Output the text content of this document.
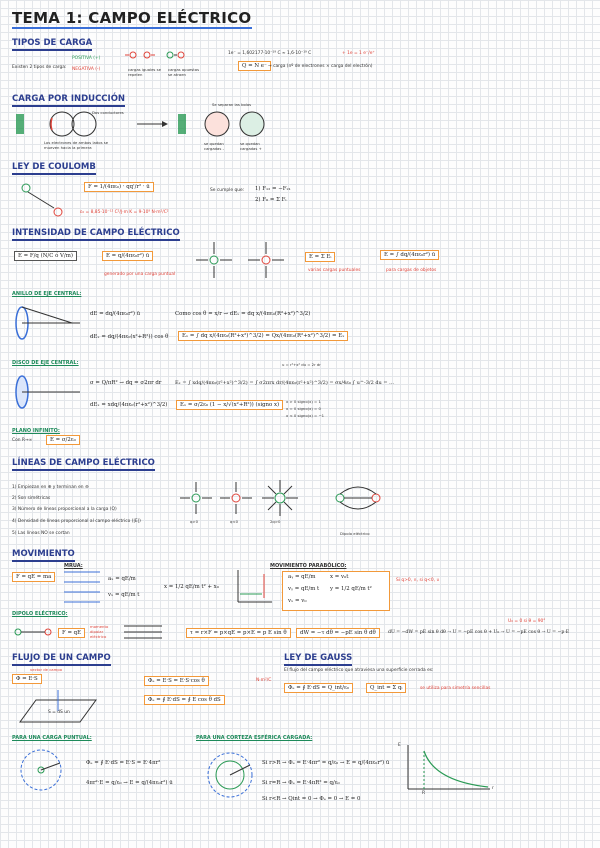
TEMA 1: CAMPO ELÉCTRICO
TIPOS DE CARGA
Existen 2 tipos de carga:
POSITIVA (+)
NEGATIVA (-)	cargas iguales se repelen
cargas opuestas se atraen
1e⁻ = 1,602177·10⁻¹⁹ C ≈ 1,6·10⁻¹⁹ C	+ 1e = 1 e⁻/e⁺
Q = N e⁻ → carga (nº de electrones × carga del electrón)
CARGA POR INDUCCIÓN
Dos conductores
Los electrones de ambos lados se mueven hacia la primera
Se separan las bolas
se quedan cargadas -
se quedan cargadas +
LEY DE COULOMB
F = 1/(4πε₀) · qq'/r² · ū
ε₀ = 8,85·10⁻¹² C²/J·m K = 9·10⁹ N·m²/C²
Se cumple que: 1) F₁₂ = −F₂₁
2) F₀ = Σ Fᵢ
INTENSIDAD DE CAMPO ELÉCTRICO
E = F/q (N/C ó V/m)	E = q/(4πε₀r²) ū
generado por una carga puntual
E = Σ Eᵢ
varias cargas puntuales
E = ∫ dq/(4πε₀r²) ū
para cargas de objetos
ANILLO DE EJE CENTRAL:
dE = dq/(4πε₀r²) ū
dEₓ = dq/(4πε₀(x²+R²)) cos θ
Como cos θ = x/r → dEₓ = dq x/(4πε₀(R²+x²)^3/2)
Eₓ = ∫ dq x/(4πε₀(R²+x²)^3/2) = Qx/(4πε₀(R²+x²)^3/2) = Eₓ
DISCO DE EJE CENTRAL:
σ = Q/πR² → dq = σ2πr dr
dEₓ = xdq/(4πε₀(r²+x²)^3/2)
Eₓ = ∫ xdq/(4πε₀(r²+x²)^3/2) = ∫ σ2πrx dr/(4πε₀(r²+x²)^3/2) = σx/4ε₀ ∫ u^-3/2 du = ...
u = r²+x² du = 2r dr
Eₓ = σ/2ε₀ (1 − x/√(x²+R²)) (signo x)
x > 0 signo(x) = 1
x = 0 signo(x) = 0
x < 0 signo(x) = −1
PLANO INFINITO:
Con R→∞	E = σ/2ε₀
LÍNEAS DE CAMPO ELÉCTRICO
1) Empiezan en ⊕ y terminan en ⊖
2) Son simétricas
3) Número de líneas proporcional a la carga (Q)
4) Densidad de líneas proporcional al campo eléctrico (|E|)
5) Las líneas NO se cortan
q>0	q<0	2q>0
Dipolo eléctrico
MOVIMIENTO
F = qE = ma
MRUA:
aₓ = qE/m
vₓ = qE/m t
x = 1/2 qE/m t² + x₀
MOVIMIENTO PARABÓLICO:
aᵧ = qE/m
vᵧ = qE/m t
vₓ = v₀
x = v₀t
y = 1/2 qE/m t²
Si q>0, ∩, si q<0, ∪
DIPOLO ELÉCTRICO:
F = qE
momento dipolar eléctrico
τ = r×F = p×qE = p×E = p E sin θ	dW = −τ dθ = −pE sin θ dθ	dU = −dW = pE sin θ dθ → U = −pE cos θ + U₀ → U = −pE cos θ → U = −p·E
U₀ = 0 si θ = 90°
FLUJO DE UN CAMPO
vector de campo
Φ = E·S
S = dS un
Φₑ = E·S = E·S·cos θ	N·m²/C
Φₑ = ∮ E·dS = ∮ E cos θ dS
LEY DE GAUSS
El flujo del campo eléctrico que atraviesa una superficie cerrada es:
Φₑ = ∮ E·dS = Q_int/ε₀	Q_int = Σ qᵢ	se utiliza para simetría sencillas
PARA UNA CARGA PUNTUAL:
Φₑ = ∮ E·dS = E·S = E·4πr²
4πr²·E = q/ε₀ → E = q/(4πε₀r²) ū
PARA UNA CORTEZA ESFÉRICA CARGADA:
Si r>R → Φₑ = E·4πr² = q/ε₀ → E = q/(4πε₀r²) ū
Si r=R → Φₑ = E·4πR² = q/ε₀
Si r<R → Qint = 0 → Φₑ = 0 → E = 0
E
r
R
